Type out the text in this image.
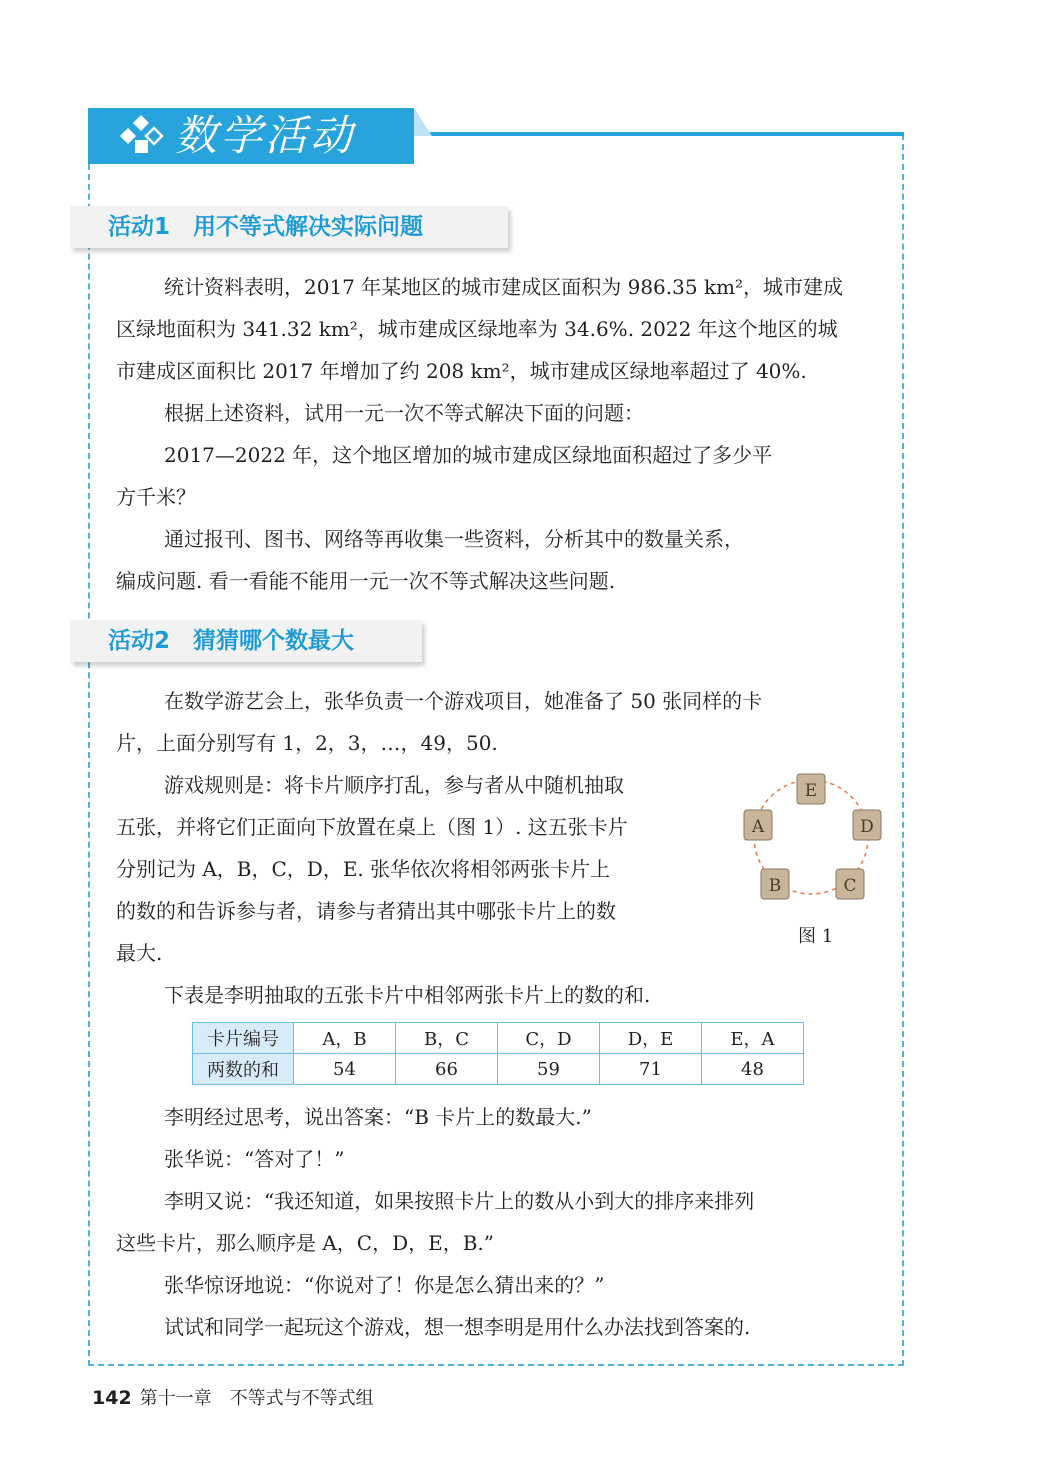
数学活动
活动1　用不等式解决实际问题
统计资料表明，2017 年某地区的城市建成区面积为 986.35 km²，城市建成
区绿地面积为 341.32 km²，城市建成区绿地率为 34.6%. 2022 年这个地区的城
市建成区面积比 2017 年增加了约 208 km²，城市建成区绿地率超过了 40%.
根据上述资料，试用一元一次不等式解决下面的问题：
2017—2022 年，这个地区增加的城市建成区绿地面积超过了多少平
方千米？
通过报刊、图书、网络等再收集一些资料，分析其中的数量关系，
编成问题. 看一看能不能用一元一次不等式解决这些问题.
活动2　猜猜哪个数最大
在数学游艺会上，张华负责一个游戏项目，她准备了 50 张同样的卡
片，上面分别写有 1，2，3，…，49，50.
游戏规则是：将卡片顺序打乱，参与者从中随机抽取
五张，并将它们正面向下放置在桌上（图 1）. 这五张卡片
分别记为 A，B，C，D，E. 张华依次将相邻两张卡片上
的数的和告诉参与者，请参与者猜出其中哪张卡片上的数
最大.
下表是李明抽取的五张卡片中相邻两张卡片上的数的和.
E
D
C
B
A
图 1
卡片编号	A，B	B，C	C，D	D，E	E，A
两数的和	54	66	59	71	48
李明经过思考，说出答案：“B 卡片上的数最大.”
张华说：“答对了！”
李明又说：“我还知道，如果按照卡片上的数从小到大的排序来排列
这些卡片，那么顺序是 A，C，D，E，B.”
张华惊讶地说：“你说对了！你是怎么猜出来的？”
试试和同学一起玩这个游戏，想一想李明是用什么办法找到答案的.
142 第十一章　不等式与不等式组
